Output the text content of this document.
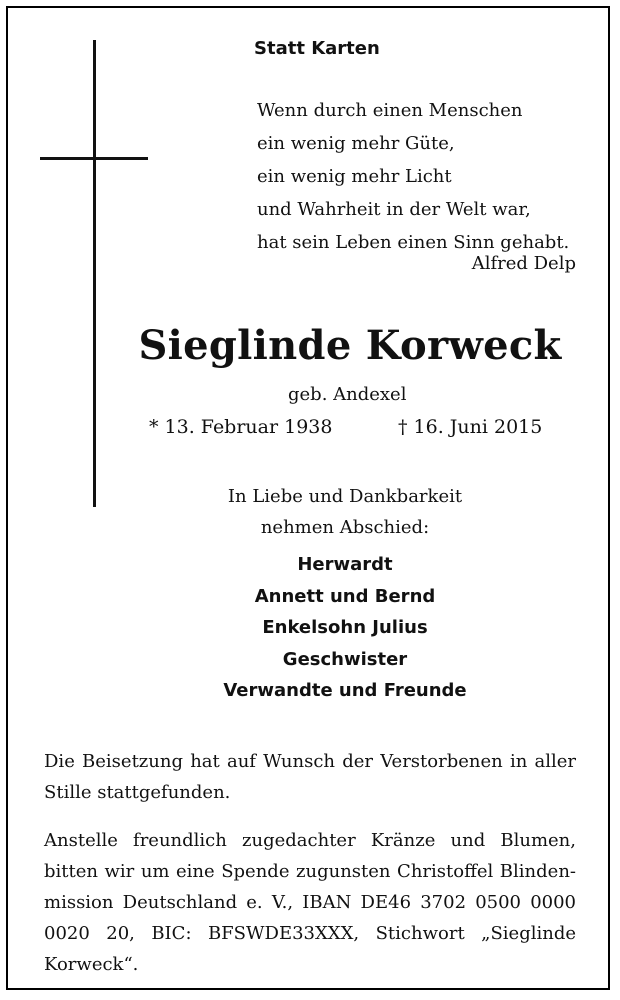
Statt Karten
Wenn durch einen Menschen
ein wenig mehr Güte,
ein wenig mehr Licht
und Wahrheit in der Welt war,
hat sein Leben einen Sinn gehabt.
Alfred Delp
Sieglinde Korweck
geb. Andexel
* 13. Februar 1938	† 16. Juni 2015
In Liebe und Dankbarkeit
nehmen Abschied:
Herwardt
Annett und Bernd
Enkelsohn Julius
Geschwister
Verwandte und Freunde
Die Beisetzung hat auf Wunsch der Verstorbenen in aller Stille stattgefunden.
Anstelle freundlich zugedachter Kränze und Blumen, bitten wir um eine Spende zugunsten Christoffel Blindenmission Deutschland e. V., IBAN DE46 3702 0500 0000 0020 20, BIC: BFSWDE33XXX, Stichwort „Sieglinde Korweck“.
